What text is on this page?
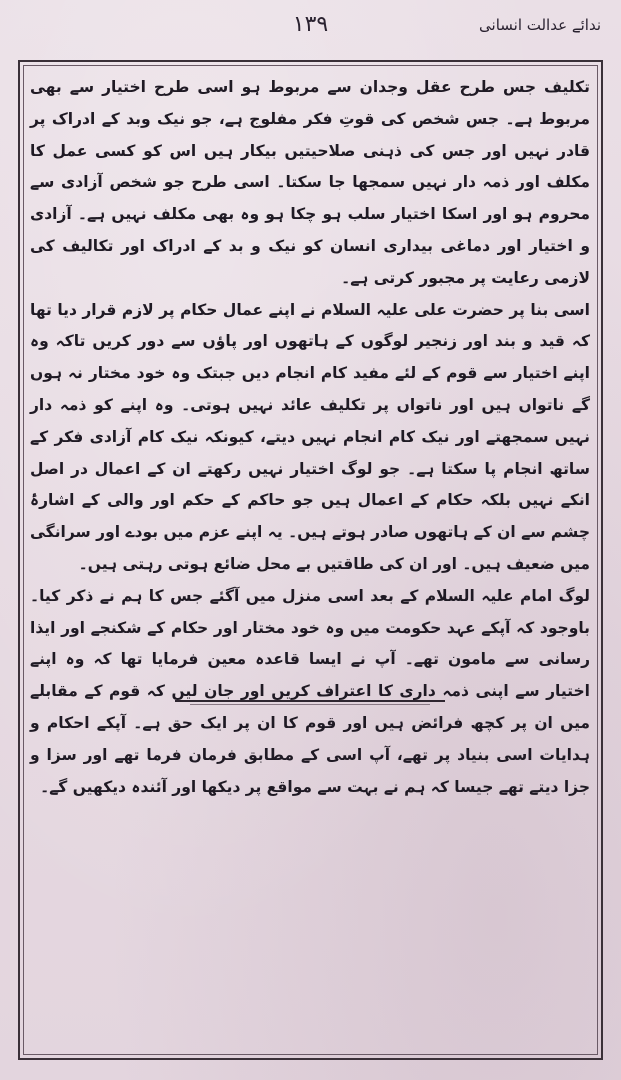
۱۳۹	ندائے عدالت انسانی

تکلیف جس طرح عقل وجدان سے مربوط ہو اسی طرح اختیار سے بھی مربوط ہے۔ جس شخص کی قوتِ فکر مفلوج ہے، جو نیک وبد کے ادراک پر قادر نہیں اور جس کی ذہنی صلاحیتیں بیکار ہیں اس کو کسی عمل کا مکلف اور ذمہ دار نہیں سمجھا جا سکتا۔ اسی طرح جو شخص آزادی سے محروم ہو اور اسکا اختیار سلب ہو چکا ہو وہ بھی مکلف نہیں ہے۔ آزادی و اختیار اور دماغی بیداری انسان کو نیک و بد کے ادراک اور تکالیف کی لازمی رعایت پر مجبور کرتی ہے۔

اسی بنا پر حضرت علی علیہ السلام نے اپنے عمال حکام پر لازم قرار دیا تھا کہ قید و بند اور زنجیر لوگوں کے ہاتھوں اور پاؤں سے دور کریں تاکہ وہ اپنے اختیار سے قوم کے لئے مفید کام انجام دیں جبتک وہ خود مختار نہ ہوں گے ناتواں ہیں اور ناتواں پر تکلیف عائد نہیں ہوتی۔ وہ اپنے کو ذمہ دار نہیں سمجھتے اور نیک کام انجام نہیں دیتے، کیونکہ نیک کام آزادی فکر کے ساتھ انجام پا سکتا ہے۔ جو لوگ اختیار نہیں رکھتے ان کے اعمال در اصل انکے نہیں بلکہ حکام کے اعمال ہیں جو حاکم کے حکم اور والی کے اشارۂ چشم سے ان کے ہاتھوں صادر ہوتے ہیں۔ یہ اپنے عزم میں بودے اور سرانگی میں ضعیف ہیں۔ اور ان کی طاقتیں بے محل ضائع ہوتی رہتی ہیں۔

لوگ امام علیہ السلام کے بعد اسی منزل میں آگئے جس کا ہم نے ذکر کیا۔ باوجود کہ آپکے عہد حکومت میں وہ خود مختار اور حکام کے شکنجے اور ایذا رسانی سے مامون تھے۔ آپ نے ایسا قاعدہ معین فرمایا تھا کہ وہ اپنے اختیار سے اپنی ذمہ داری کا اعتراف کریں اور جان لیں کہ قوم کے مقابلے میں ان پر کچھ فرائض ہیں اور قوم کا ان پر ایک حق ہے۔ آپکے احکام و ہدایات اسی بنیاد پر تھے، آپ اسی کے مطابق فرمان فرما تھے اور سزا و جزا دیتے تھے جیسا کہ ہم نے بہت سے مواقع پر دیکھا اور آئندہ دیکھیں گے۔
